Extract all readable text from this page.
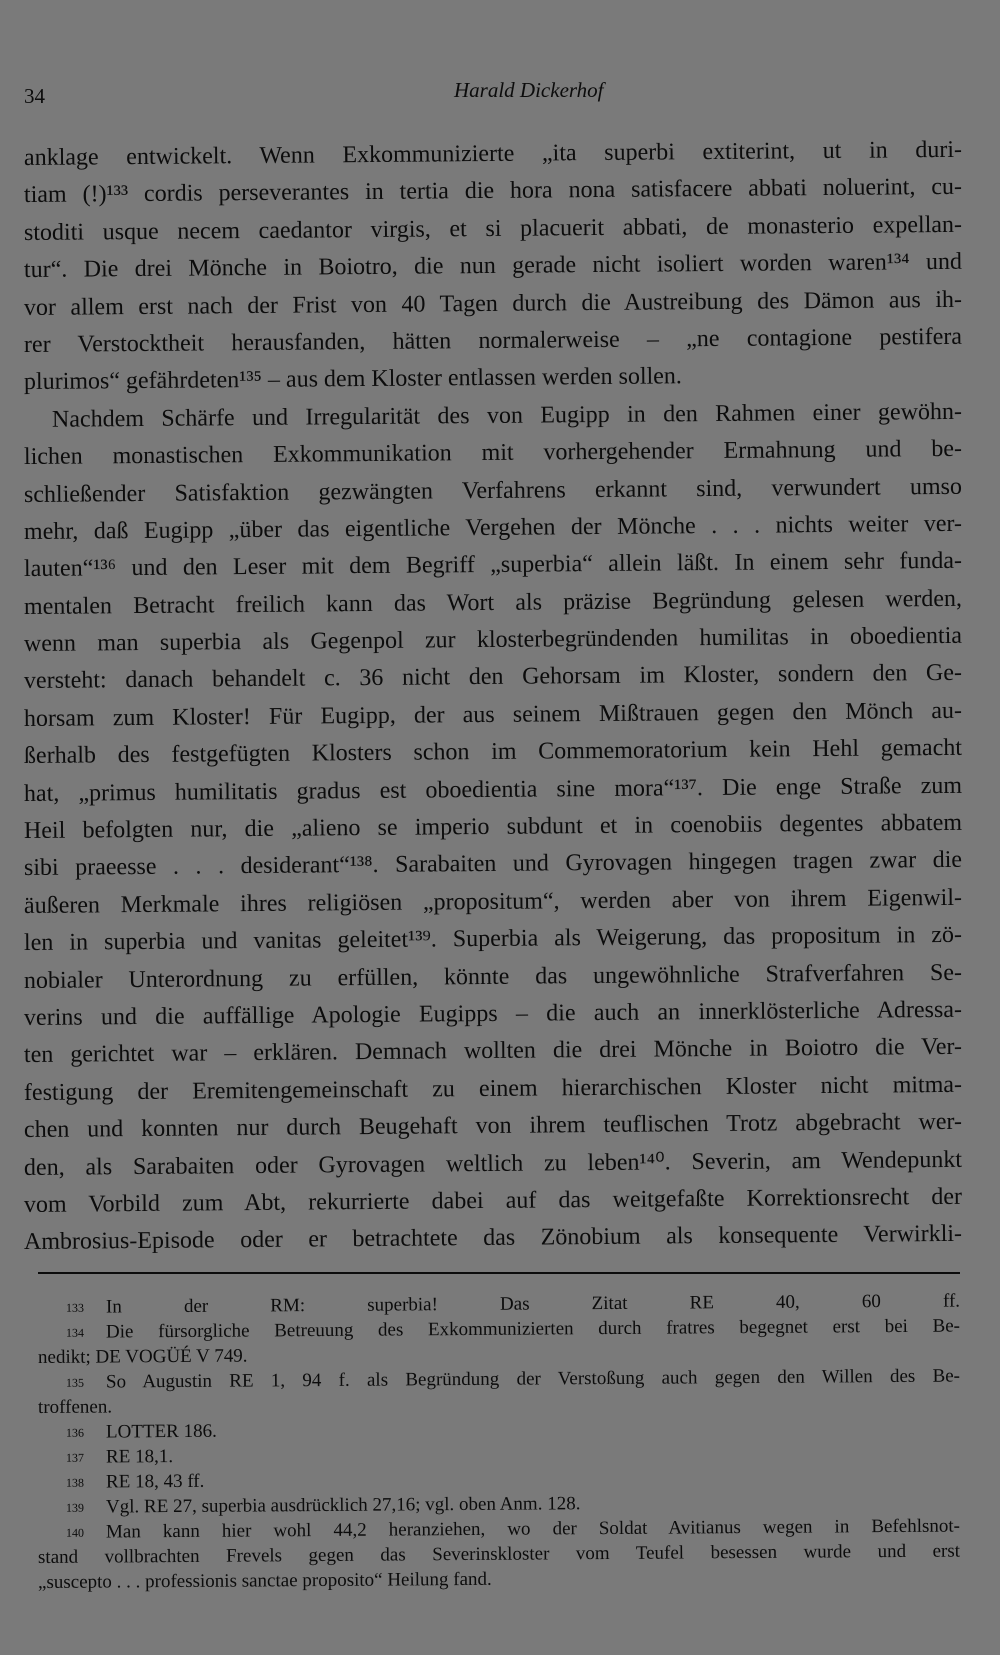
34	Harald Dickerhof
anklage entwickelt. Wenn Exkommunizierte „ita superbi extiterint, ut in duri-
tiam (!)¹³³ cordis perseverantes in tertia die hora nona satisfacere abbati noluerint, cu-
stoditi usque necem caedantor virgis, et si placuerit abbati, de monasterio expellan-
tur“. Die drei Mönche in Boiotro, die nun gerade nicht isoliert worden waren¹³⁴ und
vor allem erst nach der Frist von 40 Tagen durch die Austreibung des Dämon aus ih-
rer Verstocktheit herausfanden, hätten normalerweise – „ne contagione pestifera
plurimos“ gefährdeten¹³⁵ – aus dem Kloster entlassen werden sollen.
Nachdem Schärfe und Irregularität des von Eugipp in den Rahmen einer gewöhn-
lichen monastischen Exkommunikation mit vorhergehender Ermahnung und be-
schließender Satisfaktion gezwängten Verfahrens erkannt sind, verwundert umso
mehr, daß Eugipp „über das eigentliche Vergehen der Mönche . . . nichts weiter ver-
lauten“¹³⁶ und den Leser mit dem Begriff „superbia“ allein läßt. In einem sehr funda-
mentalen Betracht freilich kann das Wort als präzise Begründung gelesen werden,
wenn man superbia als Gegenpol zur klosterbegründenden humilitas in oboedientia
versteht: danach behandelt c. 36 nicht den Gehorsam im Kloster, sondern den Ge-
horsam zum Kloster! Für Eugipp, der aus seinem Mißtrauen gegen den Mönch au-
ßerhalb des festgefügten Klosters schon im Commemoratorium kein Hehl gemacht
hat, „primus humilitatis gradus est oboedientia sine mora“¹³⁷. Die enge Straße zum
Heil befolgten nur, die „alieno se imperio subdunt et in coenobiis degentes abbatem
sibi praeesse . . . desiderant“¹³⁸. Sarabaiten und Gyrovagen hingegen tragen zwar die
äußeren Merkmale ihres religiösen „propositum“, werden aber von ihrem Eigenwil-
len in superbia und vanitas geleitet¹³⁹. Superbia als Weigerung, das propositum in zö-
nobialer Unterordnung zu erfüllen, könnte das ungewöhnliche Strafverfahren Se-
verins und die auffällige Apologie Eugipps – die auch an innerklösterliche Adressa-
ten gerichtet war – erklären. Demnach wollten die drei Mönche in Boiotro die Ver-
festigung der Eremitengemeinschaft zu einem hierarchischen Kloster nicht mitma-
chen und konnten nur durch Beugehaft von ihrem teuflischen Trotz abgebracht wer-
den, als Sarabaiten oder Gyrovagen weltlich zu leben¹⁴⁰. Severin, am Wendepunkt
vom Vorbild zum Abt, rekurrierte dabei auf das weitgefaßte Korrektionsrecht der
Ambrosius-Episode oder er betrachtete das Zönobium als konsequente Verwirkli-
133 In der RM: superbia! Das Zitat RE 40, 60 ff.
134 Die fürsorgliche Betreuung des Exkommunizierten durch fratres begegnet erst bei Be-
nedikt; DE VOGÜÉ V 749.
135 So Augustin RE 1, 94 f. als Begründung der Verstoßung auch gegen den Willen des Be-
troffenen.
136 LOTTER 186.
137 RE 18,1.
138 RE 18, 43 ff.
139 Vgl. RE 27, superbia ausdrücklich 27,16; vgl. oben Anm. 128.
140 Man kann hier wohl 44,2 heranziehen, wo der Soldat Avitianus wegen in Befehlsnot-
stand vollbrachten Frevels gegen das Severinskloster vom Teufel besessen wurde und erst
„suscepto . . . professionis sanctae proposito“ Heilung fand.
